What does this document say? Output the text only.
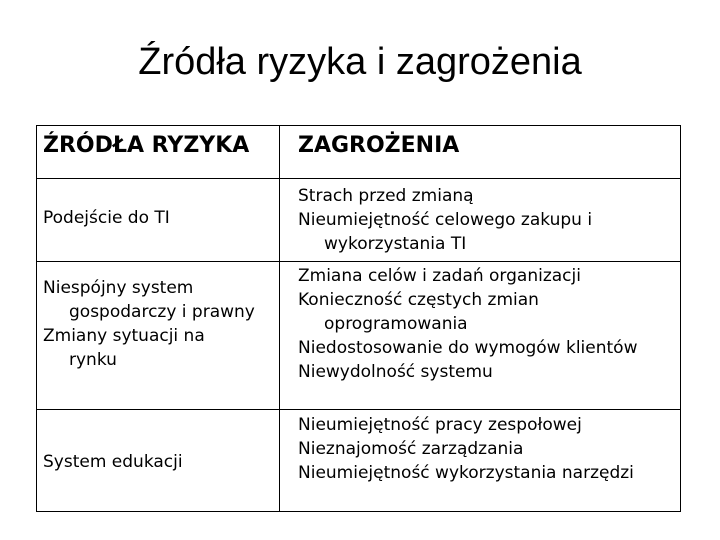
Źródła ryzyka i zagrożenia
ŹRÓDŁA RYZYKA ZAGROŻENIA
Podejście do TI
Strach przed zmianą
Nieumiejętność celowego zakupu i wykorzystania TI
Niespójny system gospodarczy i prawny
Zmiany sytuacji na rynku
Zmiana celów i zadań organizacji
Konieczność częstych zmian oprogramowania
Niedostosowanie do wymogów klientów
Niewydolność systemu
System edukacji
Nieumiejętność pracy zespołowej
Nieznajomość zarządzania
Nieumiejętność wykorzystania narzędzi
